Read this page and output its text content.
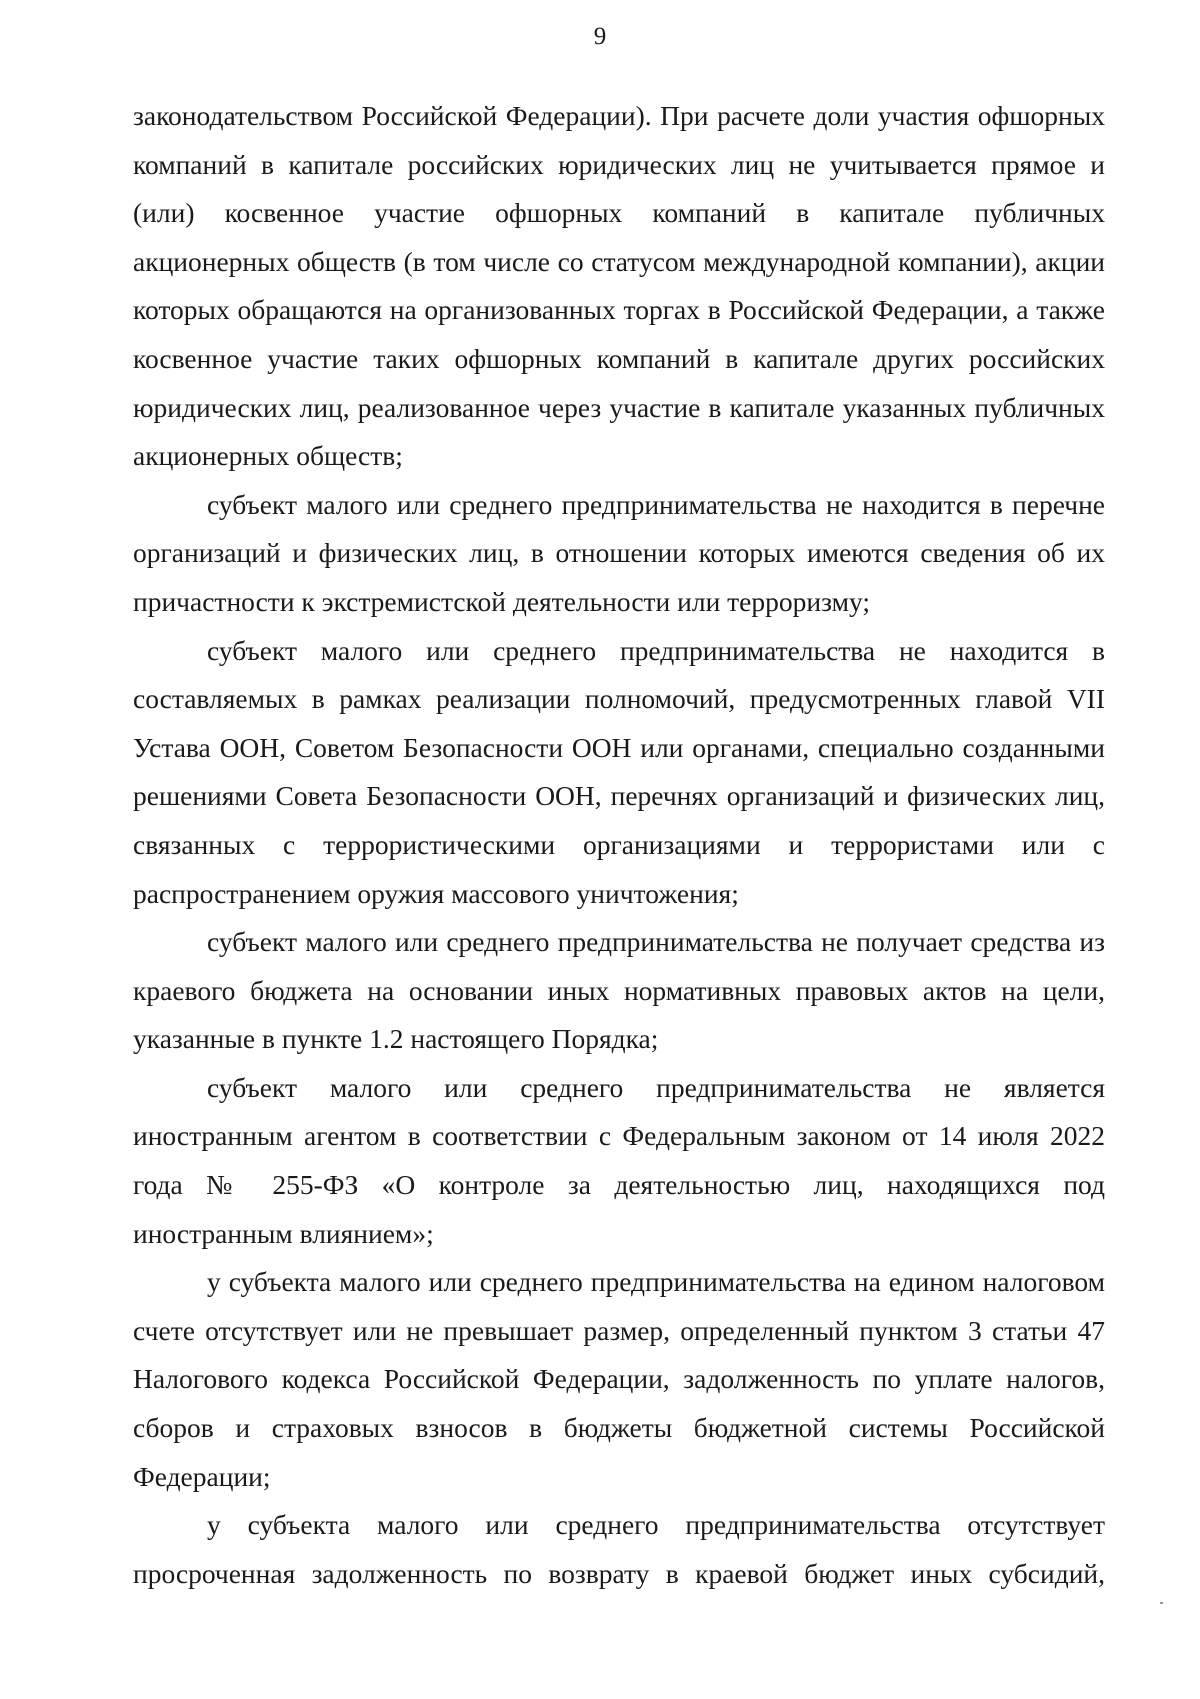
9

законодательством Российской Федерации). При расчете доли участия офшорных компаний в капитале российских юридических лиц не учитывается прямое и (или) косвенное участие офшорных компаний в капитале публичных акционерных обществ (в том числе со статусом международной компании), акции которых обращаются на организованных торгах в Российской Федерации, а также косвенное участие таких офшорных компаний в капитале других российских юридических лиц, реализованное через участие в капитале указанных публичных акционерных обществ;

субъект малого или среднего предпринимательства не находится в перечне организаций и физических лиц, в отношении которых имеются сведения об их причастности к экстремистской деятельности или терроризму;

субъект малого или среднего предпринимательства не находится в составляемых в рамках реализации полномочий, предусмотренных главой VII Устава ООН, Советом Безопасности ООН или органами, специально созданными решениями Совета Безопасности ООН, перечнях организаций и физических лиц, связанных с террористическими организациями и террористами или с распространением оружия массового уничтожения;

субъект малого или среднего предпринимательства не получает средства из краевого бюджета на основании иных нормативных правовых актов на цели, указанные в пункте 1.2 настоящего Порядка;

субъект малого или среднего предпринимательства не является иностранным агентом в соответствии с Федеральным законом от 14 июля 2022 года № 255-ФЗ «О контроле за деятельностью лиц, находящихся под иностранным влиянием»;

у субъекта малого или среднего предпринимательства на едином налоговом счете отсутствует или не превышает размер, определенный пунктом 3 статьи 47 Налогового кодекса Российской Федерации, задолженность по уплате налогов, сборов и страховых взносов в бюджеты бюджетной системы Российской Федерации;

у субъекта малого или среднего предпринимательства отсутствует просроченная задолженность по возврату в краевой бюджет иных субсидий,
